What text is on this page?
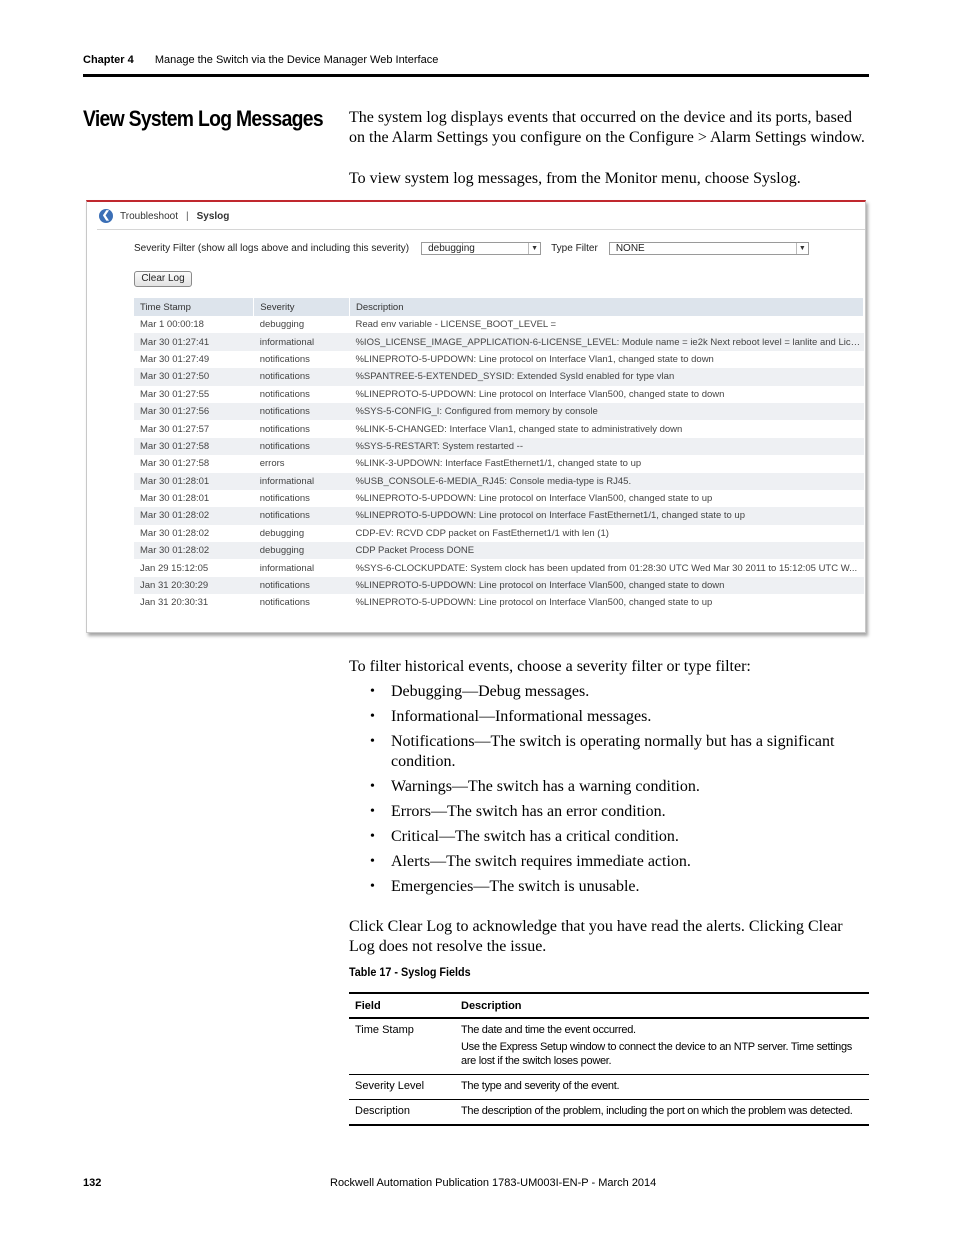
Chapter 4 Manage the Switch via the Device Manager Web Interface
View System Log Messages The system log displays events that occurred on the device and its ports, based on the Alarm Settings you configure on the Configure > Alarm Settings window.

To view system log messages, from the Monitor menu, choose Syslog.

❮ Troubleshoot | Syslog
Severity Filter (show all logs above and including this severity)	debugging	▼ Type Filter	NONE	▼
Clear Log
Time Stamp	Severity	Description
Mar 1 00:00:18	debugging	Read env variable - LICENSE_BOOT_LEVEL =
Mar 30 01:27:41	informational	%IOS_LICENSE_IMAGE_APPLICATION-6-LICENSE_LEVEL: Module name = ie2k Next reboot level = lanlite and Lice...
Mar 30 01:27:49	notifications	%LINEPROTO-5-UPDOWN: Line protocol on Interface Vlan1, changed state to down
Mar 30 01:27:50	notifications	%SPANTREE-5-EXTENDED_SYSID: Extended SysId enabled for type vlan
Mar 30 01:27:55	notifications	%LINEPROTO-5-UPDOWN: Line protocol on Interface Vlan500, changed state to down
Mar 30 01:27:56	notifications	%SYS-5-CONFIG_I: Configured from memory by console
Mar 30 01:27:57	notifications	%LINK-5-CHANGED: Interface Vlan1, changed state to administratively down
Mar 30 01:27:58	notifications	%SYS-5-RESTART: System restarted --
Mar 30 01:27:58	errors	%LINK-3-UPDOWN: Interface FastEthernet1/1, changed state to up
Mar 30 01:28:01	informational	%USB_CONSOLE-6-MEDIA_RJ45: Console media-type is RJ45.
Mar 30 01:28:01	notifications	%LINEPROTO-5-UPDOWN: Line protocol on Interface Vlan500, changed state to up
Mar 30 01:28:02	notifications	%LINEPROTO-5-UPDOWN: Line protocol on Interface FastEthernet1/1, changed state to up
Mar 30 01:28:02	debugging	CDP-EV: RCVD CDP packet on FastEthernet1/1 with len (1)
Mar 30 01:28:02	debugging	CDP Packet Process DONE
Jan 29 15:12:05	informational	%SYS-6-CLOCKUPDATE: System clock has been updated from 01:28:30 UTC Wed Mar 30 2011 to 15:12:05 UTC W...
Jan 31 20:30:29	notifications	%LINEPROTO-5-UPDOWN: Line protocol on Interface Vlan500, changed state to down
Jan 31 20:30:31	notifications	%LINEPROTO-5-UPDOWN: Line protocol on Interface Vlan500, changed state to up

To filter historical events, choose a severity filter or type filter:

• Debugging—Debug messages.
• Informational—Informational messages.
• Notifications—The switch is operating normally but has a significant condition.
• Warnings—The switch has a warning condition.
• Errors—The switch has an error condition.
• Critical—The switch has a critical condition.
• Alerts—The switch requires immediate action.
• Emergencies—The switch is unusable.

Click Clear Log to acknowledge that you have read the alerts. Clicking Clear Log does not resolve the issue.

Table 17 - Syslog Fields
Field	Description
Time Stamp	The date and time the event occurred.
Use the Express Setup window to connect the device to an NTP server. Time settings are lost if the switch loses power.

Severity Level	The type and severity of the event.
Description	The description of the problem, including the port on which the problem was detected.
132	Rockwell Automation Publication 1783-UM003I-EN-P - March 2014
